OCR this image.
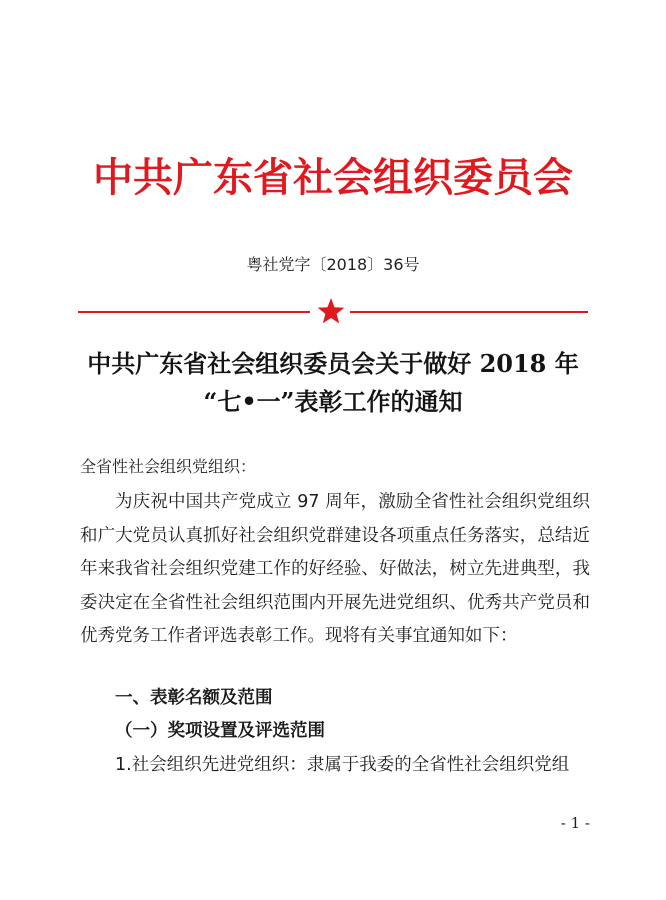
中共广东省社会组织委员会
粤社党字〔2018〕36号
中共广东省社会组织委员会关于做好 2018 年
“七•一”表彰工作的通知
全省性社会组织党组织：
为庆祝中国共产党成立 97 周年，激励全省性社会组织党组织和广大党员认真抓好社会组织党群建设各项重点任务落实，总结近年来我省社会组织党建工作的好经验、好做法，树立先进典型，我委决定在全省性社会组织范围内开展先进党组织、优秀共产党员和优秀党务工作者评选表彰工作。现将有关事宜通知如下：
一、表彰名额及范围
（一）奖项设置及评选范围
1.社会组织先进党组织：隶属于我委的全省性社会组织党组
- 1 -
